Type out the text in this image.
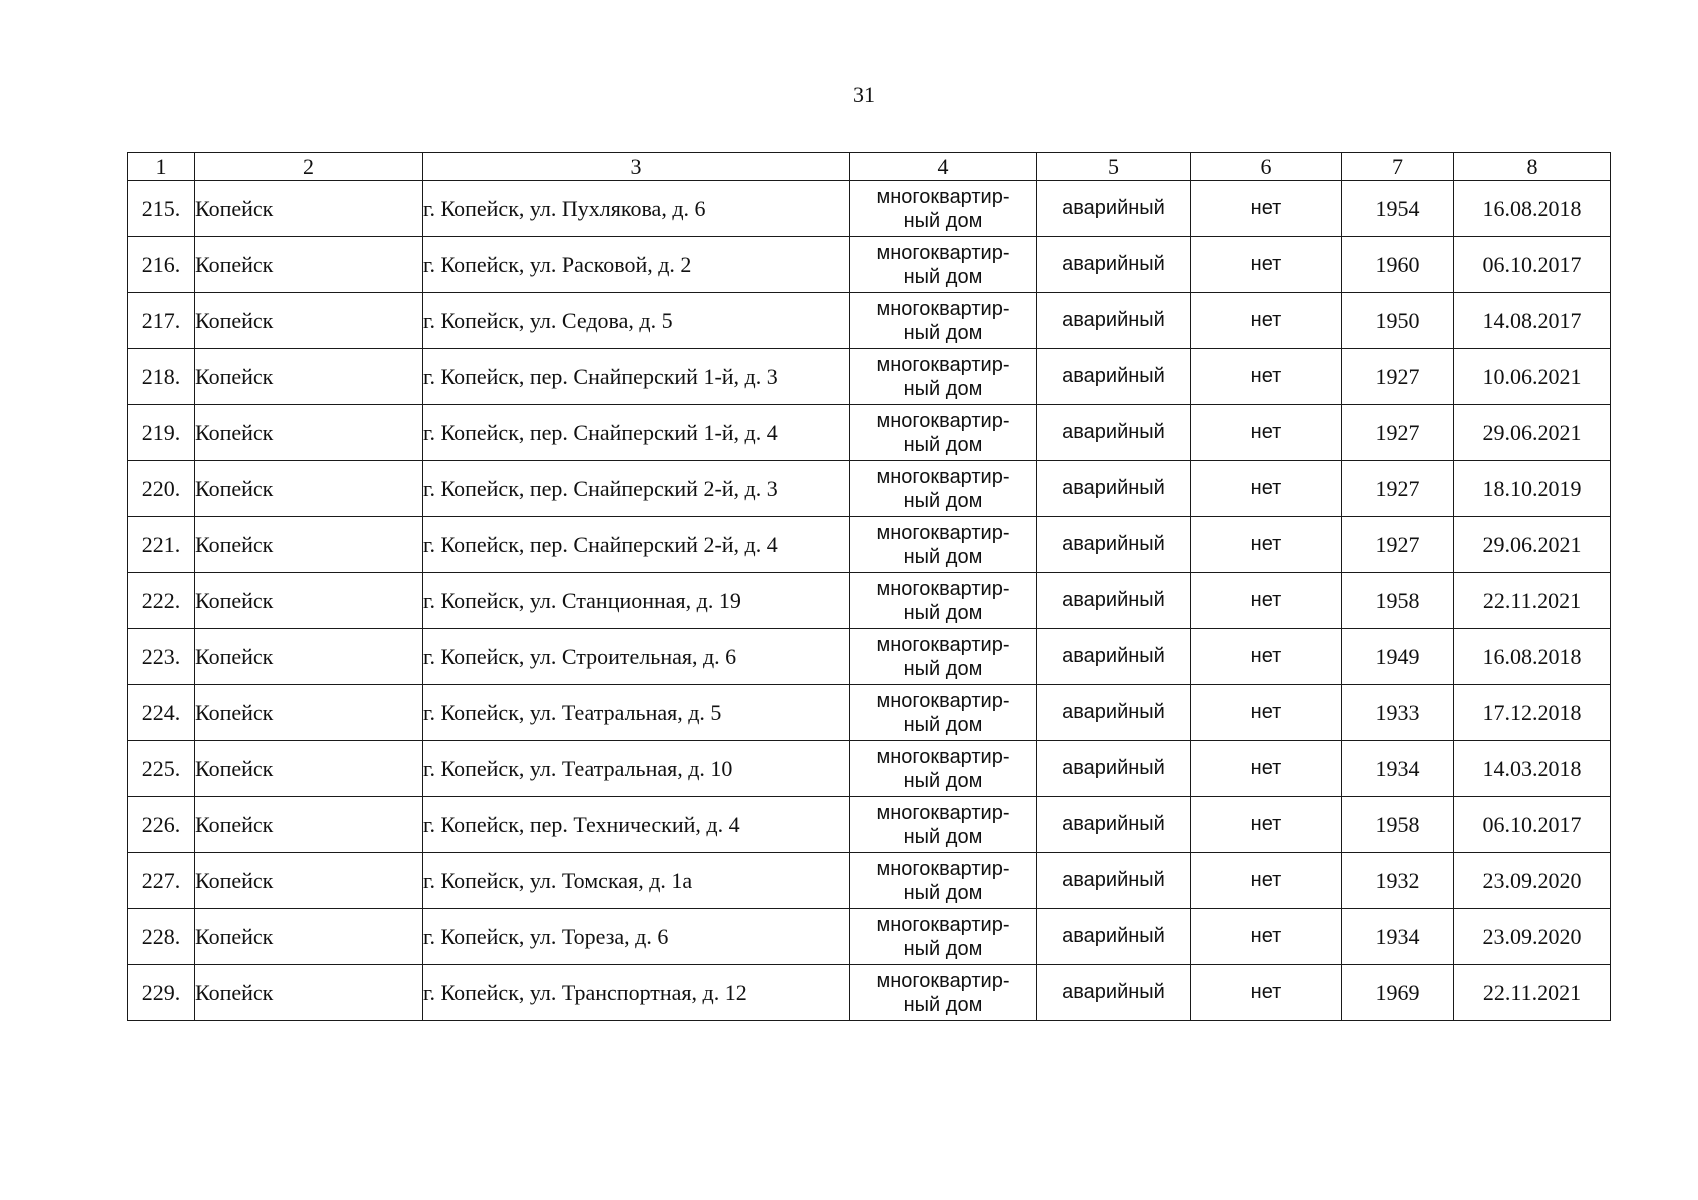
31
1	2	3	4	5	6	7	8
215.	Копейск	г. Копейск, ул. Пухлякова, д. 6	многоквартир-
ный дом	аварийный	нет	1954	16.08.2018
216.	Копейск	г. Копейск, ул. Расковой, д. 2	многоквартир-
ный дом	аварийный	нет	1960	06.10.2017
217.	Копейск	г. Копейск, ул. Седова, д. 5	многоквартир-
ный дом	аварийный	нет	1950	14.08.2017
218.	Копейск	г. Копейск, пер. Снайперский 1-й, д. 3	многоквартир-
ный дом	аварийный	нет	1927	10.06.2021
219.	Копейск	г. Копейск, пер. Снайперский 1-й, д. 4	многоквартир-
ный дом	аварийный	нет	1927	29.06.2021
220.	Копейск	г. Копейск, пер. Снайперский 2-й, д. 3	многоквартир-
ный дом	аварийный	нет	1927	18.10.2019
221.	Копейск	г. Копейск, пер. Снайперский 2-й, д. 4	многоквартир-
ный дом	аварийный	нет	1927	29.06.2021
222.	Копейск	г. Копейск, ул. Станционная, д. 19	многоквартир-
ный дом	аварийный	нет	1958	22.11.2021
223.	Копейск	г. Копейск, ул. Строительная, д. 6	многоквартир-
ный дом	аварийный	нет	1949	16.08.2018
224.	Копейск	г. Копейск, ул. Театральная, д. 5	многоквартир-
ный дом	аварийный	нет	1933	17.12.2018
225.	Копейск	г. Копейск, ул. Театральная, д. 10	многоквартир-
ный дом	аварийный	нет	1934	14.03.2018
226.	Копейск	г. Копейск, пер. Технический, д. 4	многоквартир-
ный дом	аварийный	нет	1958	06.10.2017
227.	Копейск	г. Копейск, ул. Томская, д. 1а	многоквартир-
ный дом	аварийный	нет	1932	23.09.2020
228.	Копейск	г. Копейск, ул. Тореза, д. 6	многоквартир-
ный дом	аварийный	нет	1934	23.09.2020
229.	Копейск	г. Копейск, ул. Транспортная, д. 12	многоквартир-
ный дом	аварийный	нет	1969	22.11.2021
